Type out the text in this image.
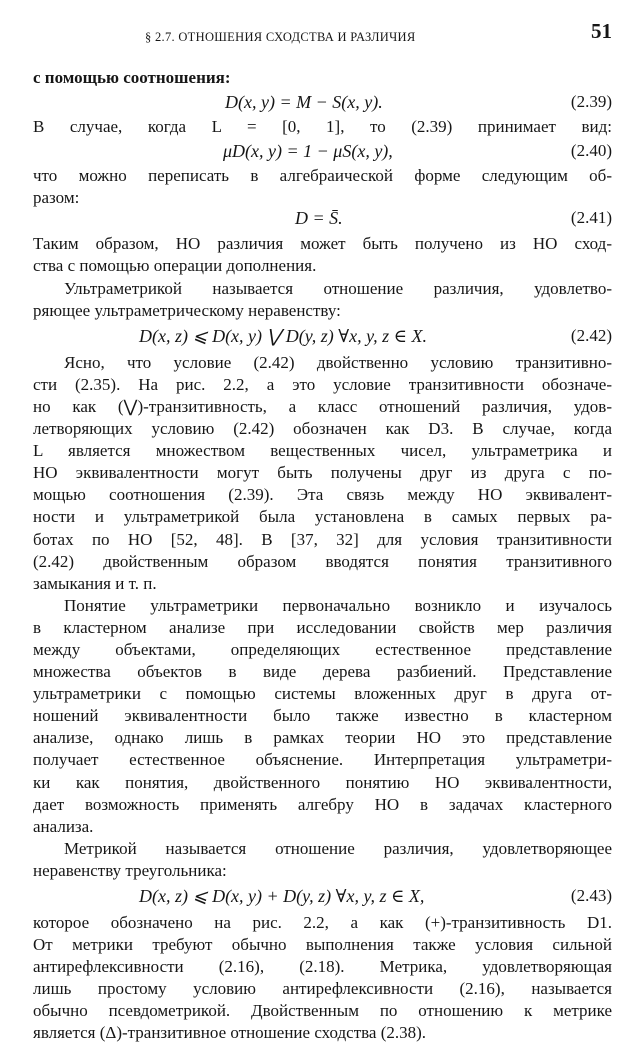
§ 2.7. ОТНОШЕНИЯ СХОДСТВА И РАЗЛИЧИЯ	51
с помощью соотношения:
D(x, y) = M − S(x, y).	(2.39)
В случае, когда L = [0, 1], то (2.39) принимает вид:
μD(x, y) = 1 − μS(x, y),	(2.40)
что можно переписать в алгебраической форме следующим об-
разом:
D = S̄.	(2.41)
Таким образом, НО различия может быть получено из НО сход-
ства с помощью операции дополнения.
Ультраметрикой называется отношение различия, удовлетво-
ряющее ультраметрическому неравенству:
D(x, z) ⩽ D(x, y) ⋁ D(y, z) ∀x, y, z ∈ X.	(2.42)
Ясно, что условие (2.42) двойственно условию транзитивно-
сти (2.35). На рис. 2.2, а это условие транзитивности обозначе-
но как (⋁)-транзитивность, а класс отношений различия, удов-
летворяющих условию (2.42) обозначен как D3. В случае, когда
L является множеством вещественных чисел, ультраметрика и
НО эквивалентности могут быть получены друг из друга с по-
мощью соотношения (2.39). Эта связь между НО эквивалент-
ности и ультраметрикой была установлена в самых первых ра-
ботах по НО [52, 48]. В [37, 32] для условия транзитивности
(2.42) двойственным образом вводятся понятия транзитивного
замыкания и т. п.
Понятие ультраметрики первоначально возникло и изучалось
в кластерном анализе при исследовании свойств мер различия
между объектами, определяющих естественное представление
множества объектов в виде дерева разбиений. Представление
ультраметрики с помощью системы вложенных друг в друга от-
ношений эквивалентности было также известно в кластерном
анализе, однако лишь в рамках теории НО это представление
получает естественное объяснение. Интерпретация ультраметри-
ки как понятия, двойственного понятию НО эквивалентности,
дает возможность применять алгебру НО в задачах кластерного
анализа.
Метрикой называется отношение различия, удовлетворяющее
неравенству треугольника:
D(x, z) ⩽ D(x, y) + D(y, z) ∀x, y, z ∈ X,	(2.43)
которое обозначено на рис. 2.2, а как (+)-транзитивность D1.
От метрики требуют обычно выполнения также условия сильной
антирефлексивности (2.16), (2.18). Метрика, удовлетворяющая
лишь простому условию антирефлексивности (2.16), называется
обычно псевдометрикой. Двойственным по отношению к метрике
является (Δ)-транзитивное отношение сходства (2.38).
